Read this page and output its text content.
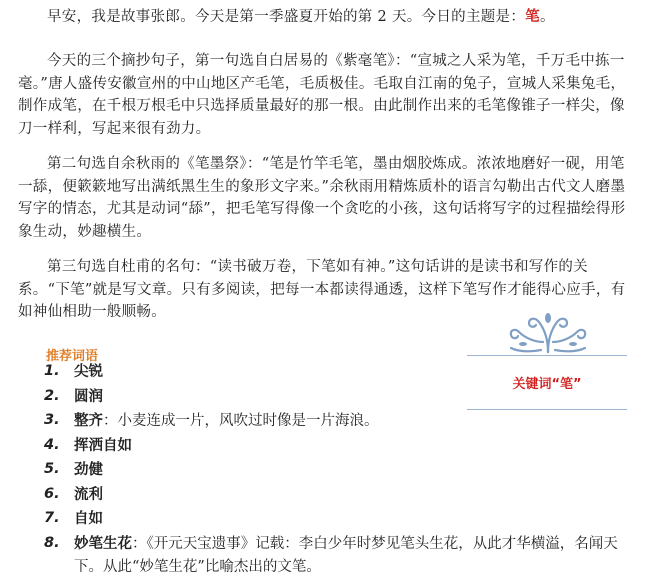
早安，我是故事张郎。今天是第一季盛夏开始的第 2 天。今日的主题是：笔。

今天的三个摘抄句子，第一句选自白居易的《紫毫笔》：“宣城之人采为笔，千万毛中拣一毫。”唐人盛传安徽宣州的中山地区产毛笔，毛质极佳。毛取自江南的兔子，宣城人采集兔毛，制作成笔，在千根万根毛中只选择质量最好的那一根。由此制作出来的毛笔像锥子一样尖，像刀一样利，写起来很有劲力。

第二句选自余秋雨的《笔墨祭》：“笔是竹竿毛笔，墨由烟胶炼成。浓浓地磨好一砚，用笔一舔，便簌簌地写出满纸黑生生的象形文字来。”余秋雨用精炼质朴的语言勾勒出古代文人磨墨写字的情态，尤其是动词“舔”，把毛笔写得像一个贪吃的小孩，这句话将写字的过程描绘得形象生动，妙趣横生。

第三句选自杜甫的名句：“读书破万卷，下笔如有神。”这句话讲的是读书和写作的关系。“下笔”就是写文章。只有多阅读，把每一本都读得通透，这样下笔写作才能得心应手，有如神仙相助一般顺畅。

关键词“笔”
推荐词语
1. 尖锐
2. 圆润
3. 整齐：小麦连成一片，风吹过时像是一片海浪。
4. 挥洒自如
5. 劲健
6. 流利
7. 自如
8. 妙笔生花：《开元天宝遗事》记载：李白少年时梦见笔头生花，从此才华横溢，名闻天下。从此“妙笔生花”比喻杰出的文笔。
